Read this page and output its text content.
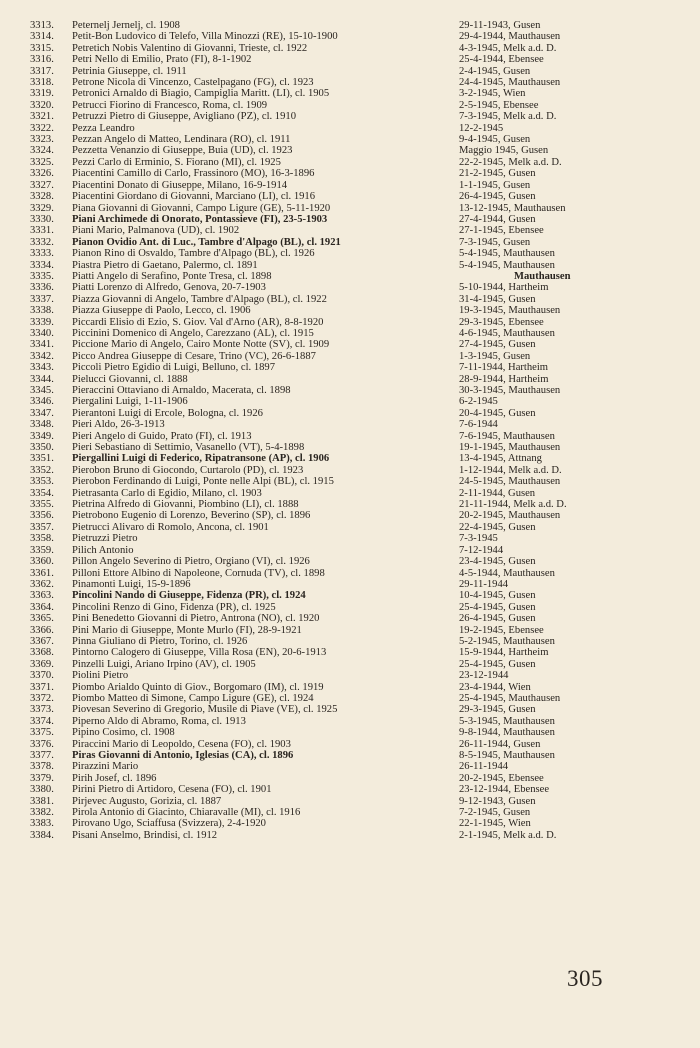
3313.	Peternelj Jernelj, cl. 1908	29-11-1943, Gusen
3314.	Petit-Bon Ludovico di Telefo, Villa Minozzi (RE), 15-10-1900	29-4-1944, Mauthausen
3315.	Petretich Nobis Valentino di Giovanni, Trieste, cl. 1922	4-3-1945, Melk a.d. D.
3316.	Petri Nello di Emilio, Prato (FI), 8-1-1902	25-4-1944, Ebensee
3317.	Petrinia Giuseppe, cl. 1911	2-4-1945, Gusen
3318.	Petrone Nicola di Vincenzo, Castelpagano (FG), cl. 1923	24-4-1945, Mauthausen
3319.	Petronici Arnaldo di Biagio, Campiglia Maritt. (LI), cl. 1905	3-2-1945, Wien
3320.	Petrucci Fiorino di Francesco, Roma, cl. 1909	2-5-1945, Ebensee
3321.	Petruzzi Pietro di Giuseppe, Avigliano (PZ), cl. 1910	7-3-1945, Melk a.d. D.
3322.	Pezza Leandro	12-2-1945
3323.	Pezzan Angelo di Matteo, Lendinara (RO), cl. 1911	9-4-1945, Gusen
3324.	Pezzetta Venanzio di Giuseppe, Buia (UD), cl. 1923	Maggio 1945, Gusen
3325.	Pezzi Carlo di Erminio, S. Fiorano (MI), cl. 1925	22-2-1945, Melk a.d. D.
3326.	Piacentini Camillo di Carlo, Frassinoro (MO), 16-3-1896	21-2-1945, Gusen
3327.	Piacentini Donato di Giuseppe, Milano, 16-9-1914	1-1-1945, Gusen
3328.	Piacentini Giordano di Giovanni, Marciano (LI), cl. 1916	26-4-1945, Gusen
3329.	Piana Giovanni di Giovanni, Campo Ligure (GE), 5-11-1920	13-12-1945, Mauthausen
3330.	Piani Archimede di Onorato, Pontassieve (FI), 23-5-1903	27-4-1944, Gusen
3331.	Piani Mario, Palmanova (UD), cl. 1902	27-1-1945, Ebensee
3332.	Pianon Ovidio Ant. di Luc., Tambre d'Alpago (BL), cl. 1921	7-3-1945, Gusen
3333.	Pianon Rino di Osvaldo, Tambre d'Alpago (BL), cl. 1926	5-4-1945, Mauthausen
3334.	Piastra Pietro di Gaetano, Palermo, cl. 1891	5-4-1945, Mauthausen
3335.	Piatti Angelo di Serafino, Ponte Tresa, cl. 1898	Mauthausen
3336.	Piatti Lorenzo di Alfredo, Genova, 20-7-1903	5-10-1944, Hartheim
3337.	Piazza Giovanni di Angelo, Tambre d'Alpago (BL), cl. 1922	31-4-1945, Gusen
3338.	Piazza Giuseppe di Paolo, Lecco, cl. 1906	19-3-1945, Mauthausen
3339.	Piccardi Elisio di Ezio, S. Giov. Val d'Arno (AR), 8-8-1920	29-3-1945, Ebensee
3340.	Piccinini Domenico di Angelo, Carezzano (AL), cl. 1915	4-6-1945, Mauthausen
3341.	Piccione Mario di Angelo, Cairo Monte Notte (SV), cl. 1909	27-4-1945, Gusen
3342.	Picco Andrea Giuseppe di Cesare, Trino (VC), 26-6-1887	1-3-1945, Gusen
3343.	Piccoli Pietro Egidio di Luigi, Belluno, cl. 1897	7-11-1944, Hartheim
3344.	Pielucci Giovanni, cl. 1888	28-9-1944, Hartheim
3345.	Pieraccini Ottaviano di Arnaldo, Macerata, cl. 1898	30-3-1945, Mauthausen
3346.	Piergalini Luigi, 1-11-1906	6-2-1945
3347.	Pierantoni Luigi di Ercole, Bologna, cl. 1926	20-4-1945, Gusen
3348.	Pieri Aldo, 26-3-1913	7-6-1944
3349.	Pieri Angelo di Guido, Prato (FI), cl. 1913	7-6-1945, Mauthausen
3350.	Pieri Sebastiano di Settimio, Vasanello (VT), 5-4-1898	19-1-1945, Mauthausen
3351.	Piergallini Luigi di Federico, Ripatransone (AP), cl. 1906	13-4-1945, Attnang
3352.	Pierobon Bruno di Giocondo, Curtarolo (PD), cl. 1923	1-12-1944, Melk a.d. D.
3353.	Pierobon Ferdinando di Luigi, Ponte nelle Alpi (BL), cl. 1915	24-5-1945, Mauthausen
3354.	Pietrasanta Carlo di Egidio, Milano, cl. 1903	2-11-1944, Gusen
3355.	Pietrina Alfredo di Giovanni, Piombino (LI), cl. 1888	21-11-1944, Melk a.d. D.
3356.	Pietrobono Eugenio di Lorenzo, Beverino (SP), cl. 1896	20-2-1945, Mauthausen
3357.	Pietrucci Alivaro di Romolo, Ancona, cl. 1901	22-4-1945, Gusen
3358.	Pietruzzi Pietro	7-3-1945
3359.	Pilich Antonio	7-12-1944
3360.	Pillon Angelo Severino di Pietro, Orgiano (VI), cl. 1926	23-4-1945, Gusen
3361.	Pilloni Ettore Albino di Napoleone, Cornuda (TV), cl. 1898	4-5-1944, Mauthausen
3362.	Pinamonti Luigi, 15-9-1896	29-11-1944
3363.	Pincolini Nando di Giuseppe, Fidenza (PR), cl. 1924	10-4-1945, Gusen
3364.	Pincolini Renzo di Gino, Fidenza (PR), cl. 1925	25-4-1945, Gusen
3365.	Pini Benedetto Giovanni di Pietro, Antrona (NO), cl. 1920	26-4-1945, Gusen
3366.	Pini Mario di Giuseppe, Monte Murlo (FI), 28-9-1921	19-2-1945, Ebensee
3367.	Pinna Giuliano di Pietro, Torino, cl. 1926	5-2-1945, Mauthausen
3368.	Pintorno Calogero di Giuseppe, Villa Rosa (EN), 20-6-1913	15-9-1944, Hartheim
3369.	Pinzelli Luigi, Ariano Irpino (AV), cl. 1905	25-4-1945, Gusen
3370.	Piolini Pietro	23-12-1944
3371.	Piombo Arialdo Quinto di Giov., Borgomaro (IM), cl. 1919	23-4-1944, Wien
3372.	Piombo Matteo di Simone, Campo Ligure (GE), cl. 1924	25-4-1945, Mauthausen
3373.	Piovesan Severino di Gregorio, Musile di Piave (VE), cl. 1925	29-3-1945, Gusen
3374.	Piperno Aldo di Abramo, Roma, cl. 1913	5-3-1945, Mauthausen
3375.	Pipino Cosimo, cl. 1908	9-8-1944, Mauthausen
3376.	Piraccini Mario di Leopoldo, Cesena (FO), cl. 1903	26-11-1944, Gusen
3377.	Piras Giovanni di Antonio, Iglesias (CA), cl. 1896	8-5-1945, Mauthausen
3378.	Pirazzini Mario	26-11-1944
3379.	Pirih Josef, cl. 1896	20-2-1945, Ebensee
3380.	Pirini Pietro di Artidoro, Cesena (FO), cl. 1901	23-12-1944, Ebensee
3381.	Pirjevec Augusto, Gorizia, cl. 1887	9-12-1943, Gusen
3382.	Pirola Antonio di Giacinto, Chiaravalle (MI), cl. 1916	7-2-1945, Gusen
3383.	Pirovano Ugo, Sciaffusa (Svizzera), 2-4-1920	22-1-1945, Wien
3384.	Pisani Anselmo, Brindisi, cl. 1912	2-1-1945, Melk a.d. D.
305
